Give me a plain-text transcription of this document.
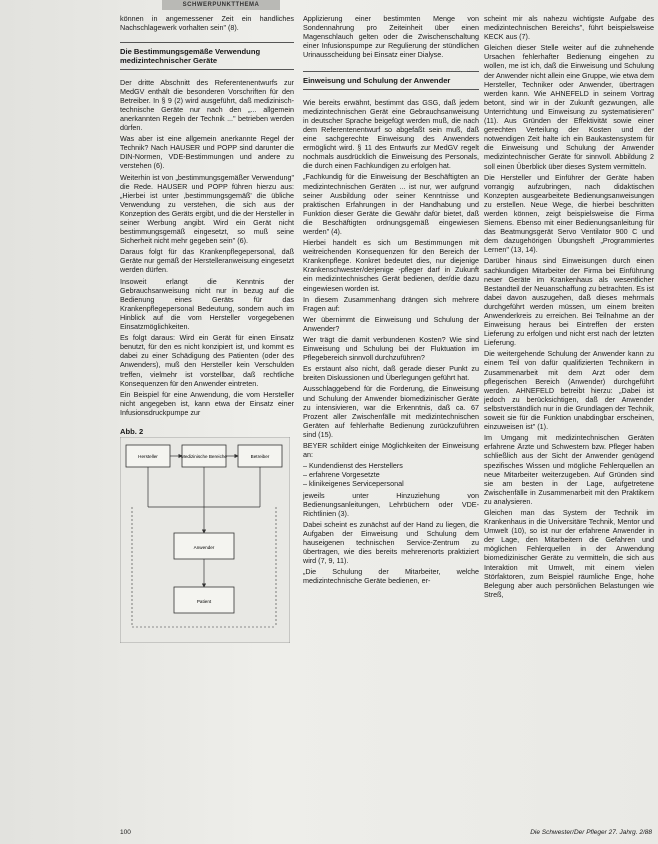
SCHWERPUNKTTHEMA

können in angemessener Zeit ein handliches Nachschlagewerk vorhalten sein" (8).

Die Bestimmungsgemäße Verwendung medizintechnischer Geräte

Der dritte Abschnitt des Referentenentwurfs zur MedGV enthält die besonderen Vorschriften für den Betreiber. In § 9 (2) wird ausgeführt, daß medizinisch-technische Geräte nur nach den „... allgemein anerkannten Regeln der Technik ..." betrieben werden dürfen.

Was aber ist eine allgemein anerkannte Regel der Technik? Nach HAUSER und POPP sind darunter die DIN-Normen, VDE-Bestimmungen und andere zu verstehen (6).

Weiterhin ist von „bestimmungsgemäßer Verwendung" die Rede. HAUSER und POPP führen hierzu aus: „Hierbei ist unter ‚bestimmungsgemäß' die übliche Verwendung zu verstehen, die sich aus der Konzeption des Geräts ergibt, und die der Hersteller in seiner Werbung angibt. Wird ein Gerät nicht bestimmungsgemäß eingesetzt, so muß seine Sicherheit nicht mehr gegeben sein" (6).

Daraus folgt für das Krankenpflegepersonal, daß Geräte nur gemäß der Herstelleranweisung eingesetzt werden dürfen.

Insoweit erlangt die Kenntnis der Gebrauchsanweisung nicht nur in bezug auf die Bedienung eines Geräts für das Krankenpflegepersonal Bedeutung, sondern auch im Hinblick auf die vom Hersteller vorgegebenen Einsatzmöglichkeiten.

Es folgt daraus: Wird ein Gerät für einen Einsatz benutzt, für den es nicht konzipiert ist, und kommt es dabei zu einer Schädigung des Patienten (oder des Anwenders), muß den Hersteller kein Verschulden treffen, vielmehr ist vorstellbar, daß rechtliche Konsequenzen für den Anwender eintreten.

Ein Beispiel für eine Anwendung, die vom Hersteller nicht angegeben ist, kann etwa der Einsatz einer Infusionsdruckpumpe zur

Abb. 2
Hersteller	Medizinische Bereiche	Betreiber
Anwender
Patient

Applizierung einer bestimmten Menge von Sondennahrung pro Zeiteinheit über einen Magenschlauch gelten oder die Zwischenschaltung einer Infusionspumpe zur Regulierung der stündlichen Urinausscheidung bei Einsatz einer Dialyse.

Einweisung und Schulung der Anwender

Wie bereits erwähnt, bestimmt das GSG, daß jedem medizintechnischen Gerät eine Gebrauchsanweisung in deutscher Sprache beigefügt werden muß, die nach dem Referentenentwurf so abgefaßt sein muß, daß eine sachgerechte Einweisung des Anwenders ermöglicht wird. § 11 des Entwurfs zur MedGV regelt nochmals ausdrücklich die Einweisung des Personals, die durch einen Fachkundigen zu erfolgen hat.

„Fachkundig für die Einweisung der Beschäftigten an medizintechnischen Geräten ... ist nur, wer aufgrund seiner Ausbildung oder seiner Kenntnisse und praktischen Erfahrungen in der Handhabung und Funktion dieser Geräte die Gewähr dafür bietet, daß die Beschäftigten ordnungsgemäß eingewiesen werden" (4).

Hierbei handelt es sich um Bestimmungen mit weitreichenden Konsequenzen für den Bereich der Krankenpflege. Konkret bedeutet dies, nur diejenige Krankenschwester/derjenige -pfleger darf in Zukunft ein medizintechnisches Gerät bedienen, der/die dazu eingewiesen worden ist.

In diesem Zusammenhang drängen sich mehrere Fragen auf:

Wer übernimmt die Einweisung und Schulung der Anwender?

Wer trägt die damit verbundenen Kosten? Wie sind Einweisung und Schulung bei der Fluktuation im Pflegebereich sinnvoll durchzuführen?

Es erstaunt also nicht, daß gerade dieser Punkt zu breiten Diskussionen und Überlegungen geführt hat.

Ausschlaggebend für die Forderung, die Einweisung und Schulung der Anwender biomedizinischer Geräte zu intensivieren, war die Erkenntnis, daß ca. 67 Prozent aller Zwischenfälle mit medizintechnischen Geräten auf fehlerhafte Bedienung zurückzuführen sind (15).

BEYER schildert einige Möglichkeiten der Einweisung an:

– Kundendienst des Herstellers
– erfahrene Vorgesetzte
– klinikeigenes Servicepersonal

jeweils unter Hinzuziehung von Bedienungsanleitungen, Lehrbüchern oder VDE-Richtlinien (3).

Dabei scheint es zunächst auf der Hand zu liegen, die Aufgaben der Einweisung und Schulung dem hauseigenen technischen Service-Zentrum zu übertragen, wie dies bereits mehrerenorts praktiziert wird (7, 9, 11).

„Die Schulung der Mitarbeiter, welche medizintechnische Geräte bedienen, er-

scheint mir als nahezu wichtigste Aufgabe des medizintechnischen Bereichs", führt beispielsweise KECK aus (7).

Gleichen dieser Stelle weiter auf die zuhnehende Ursachen fehlerhafter Bedienung eingehen zu wollen, me ist ich, daß die Einweisung und Schulung der Anwender nicht allein eine Gruppe, wie etwa dem Hersteller, Techniker oder Anwender, übertragen werden kann. Wie AHNEFELD in seinem Vortrag betont, sind wir in der Zukunft gezwungen, alle Unterrichtung und Einweisung zu systematisieren" (11). Aus Gründen der Effektivität sowie einer gerechten Verteilung der Kosten und der notwendigen Zeit halte ich ein Baukastensystem für die Einweisung und Schulung der Anwender medizintechnischer Geräte für sinnvoll. Abbildung 2 soll einen Überblick über dieses System vermitteln.

Die Hersteller und Einführer der Geräte haben vorrangig aufzubringen, nach didaktischen Konzepten ausgearbeitete Bedienungsanweisungen zu erstellen. Neue Wege, die hierbei beschritten werden können, zeigt beispielsweise die Firma Siemens. Ebenso mit einer Bedienungsanleitung für das Beatmungsgerät Servo Ventilator 900 C und dem dazugehörigen Übungsheft „Programmiertes Lernen" (13, 14).

Darüber hinaus sind Einweisungen durch einen sachkundigen Mitarbeiter der Firma bei Einführung neuer Geräte im Krankenhaus als wesentlicher Bestandteil der Neuanschaffung zu betrachten. Es ist dabei davon auszugehen, daß dieses mehrmals durchgeführt werden müssen, um einem breiten Anwenderkreis zu erreichen. Bei Teilnahme an der Einweisung heraus bei Eintreffen der ersten Lieferung zu erfolgen und nicht erst nach der letzten Lieferung.

Die weitergehende Schulung der Anwender kann zu einem Teil von dafür qualifizierten Technikern in Zusammenarbeit mit dem Arzt oder dem pflegerischen Bereich (Anwender) durchgeführt werden. AHNEFELD betreibt hierzu: „Dabei ist jedoch zu berücksichtigen, daß der Anwender selbstverständlich nur in die Grundlagen der Technik, soweit sie für die Funktion unabdingbar erscheinen, einzuweisen ist" (1).

Im Umgang mit medizintechnischen Geräten erfahrene Ärzte und Schwestern bzw. Pfleger haben schließlich aus der Sicht der Anwender genügend spezifisches Wissen und mögliche Fehlerquellen an neue Mitarbeiter weiterzugeben. Auf Gründen sind sie am besten in der Lage, aufgetretene Zwischenfälle in Zusammenarbeit mit den Praktikern zu analysieren.

Gleichen man das System der Technik im Krankenhaus in die Universitäre Technik, Mentor und Umwelt (10), so ist nur der erfahrene Anwender in der Lage, den Mitarbeitern die Gefahren und möglichen Fehlerquellen in der Anwendung biomedizinischer Geräte zu vermitteln, die sich aus Interaktion mit Umwelt, mit einem vielen Störfaktoren, zum Beispiel räumliche Enge, hohe Belegung aber auch persönlichen Belastungen wie Streß,

100	Die Schwester/Der Pfleger 27. Jahrg. 2/88
